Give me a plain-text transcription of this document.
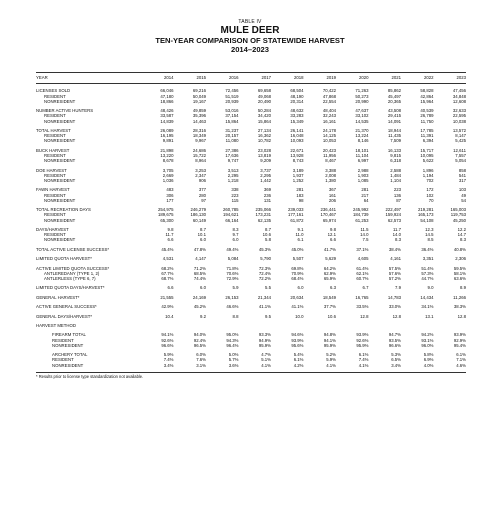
TABLE IV
MULE DEER
TEN-YEAR COMPARISON OF STATEWIDE HARVEST
2014–2023
YEAR	2014	2015	2016	2017	2018	2019	2020	2021	2022	2023
LICENSES SOLD	66,046	69,216	72,456	69,658	68,504	70,422	71,263	85,862	58,828	47,456
RESIDENT	47,180	50,049	51,519	49,068	48,190	47,868	50,273	45,497	42,864	34,848
NONRESIDENT	18,866	19,167	20,939	20,490	20,314	22,554	20,990	20,365	15,964	12,608
NUMBER ACTIVE HUNTERS	48,426	49,859	53,016	50,284	48,632	48,404	47,637	43,508	40,539	32,633
RESIDENT	33,587	35,396	37,154	34,420	33,283	32,243	33,102	29,415	26,789	22,595
NONRESIDENT	14,839	14,463	15,864	15,864	15,349	16,161	14,535	14,091	11,750	10,038
TOTAL HARVEST	26,089	28,316	31,237	27,134	26,141	24,178	21,370	18,944	17,785	13,572
RESIDENT	16,195	18,349	20,157	16,362	16,048	14,125	13,224	11,435	11,391	8,147
NONRESIDENT	9,891	9,967	11,080	10,782	10,093	10,053	8,146	7,509	6,394	5,425
BUCK HARVEST	21,898	24,686	27,386	23,028	22,671	20,423	18,101	16,133	15,717	12,611
RESIDENT	13,220	15,722	17,636	13,819	13,928	11,956	11,104	9,815	10,095	7,557
NONRESIDENT	8,678	8,964	9,747	9,209	8,743	8,467	6,997	6,318	5,622	5,054
DOE HARVEST	3,705	3,253	3,513	3,737	3,189	3,388	2,988	2,588	1,896	858
RESIDENT	2,669	2,347	2,295	2,295	1,937	2,008	1,903	1,484	1,194	541
NONRESIDENT	1,036	906	1,218	1,442	1,252	1,380	1,085	1,104	702	317
FAWN HARVEST	483	377	338	369	281	367	281	223	172	103
RESIDENT	306	280	223	236	183	161	217	136	102	49
NONRESIDENT	177	97	115	131	98	206	64	87	70	54
TOTAL RECREATION DAYS	254,975	246,279	260,785	235,066	239,033	236,441	245,992	222,497	219,281	165,003
RESIDENT	189,675	186,130	194,621	173,231	177,161	170,467	184,739	159,924	165,173	119,753
NONRESIDENT	65,300	60,149	66,164	62,135	61,872	65,974	61,253	62,573	54,108	45,250
DAYS/HARVEST	9.8	8.7	8.3	8.7	9.1	9.8	11.5	11.7	12.3	12.2
RESIDENT	11.7	10.1	9.7	10.6	11.0	12.1	14.0	14.0	14.5	14.7
NONRESIDENT	6.6	6.0	6.0	5.8	6.1	6.6	7.5	8.3	8.5	8.3
TOTAL ACTIVE LICENSE SUCCESS*	45.4%	47.8%	49.4%	45.3%	45.0%	41.7%	37.1%	38.4%	36.4%	40.8%
LIMITED QUOTA HARVEST*	4,531	4,147	5,084	5,790	5,507	5,629	4,605	4,161	3,351	2,306
ACTIVE LIMITED QUOTA SUCCESS*	68.2%	71.2%	71.8%	72.3%	69.8%	64.2%	61.4%	57.5%	51.4%	59.5%
ANTLEREDANY (TYPE 1, 2)	67.7%	68.5%	70.6%	72.4%	70.9%	62.9%	62.1%	57.6%	57.3%	58.1%
ANTLERLESS (TYPE 6, 7)	68.7%	74.4%	72.9%	72.2%	68.4%	65.9%	60.7%	57.2%	44.7%	63.6%
LIMITED QUOTA DAYS/HARVEST*	6.6	6.0	5.9	5.5	6.0	6.3	6.7	7.9	9.0	8.9
GENERAL HARVEST*	21,555	24,169	26,153	21,344	20,634	18,549	16,765	14,783	14,434	11,266
ACTIVE GENERAL SUCCESS*	42.9%	45.2%	46.6%	41.1%	41.1%	37.7%	33.5%	33.0%	34.1%	38.3%
GENERAL DAYS/HARVEST*	10.4	9.2	8.8	9.5	10.0	10.6	12.8	12.8	13.1	12.8
HARVEST METHOD										
FIREARM TOTAL	94.1%	94.0%	95.0%	93.3%	94.6%	94.8%	93.9%	94.7%	94.2%	93.9%
RESIDENT	92.6%	92.4%	94.3%	94.9%	93.9%	94.1%	92.6%	93.5%	93.1%	92.9%
NONRESIDENT	96.6%	96.5%	96.4%	95.9%	95.6%	95.9%	95.9%	96.6%	96.0%	95.4%
ARCHERY TOTAL	5.9%	6.0%	5.0%	4.7%	5.4%	5.2%	6.1%	5.3%	5.8%	6.1%
RESIDENT	7.4%	7.6%	5.7%	5.1%	6.1%	5.9%	7.4%	6.5%	6.9%	7.1%
NONRESIDENT	3.4%	3.1%	3.6%	4.1%	4.2%	4.1%	4.1%	3.4%	4.0%	4.6%
* Results prior to license type standardization not available.
